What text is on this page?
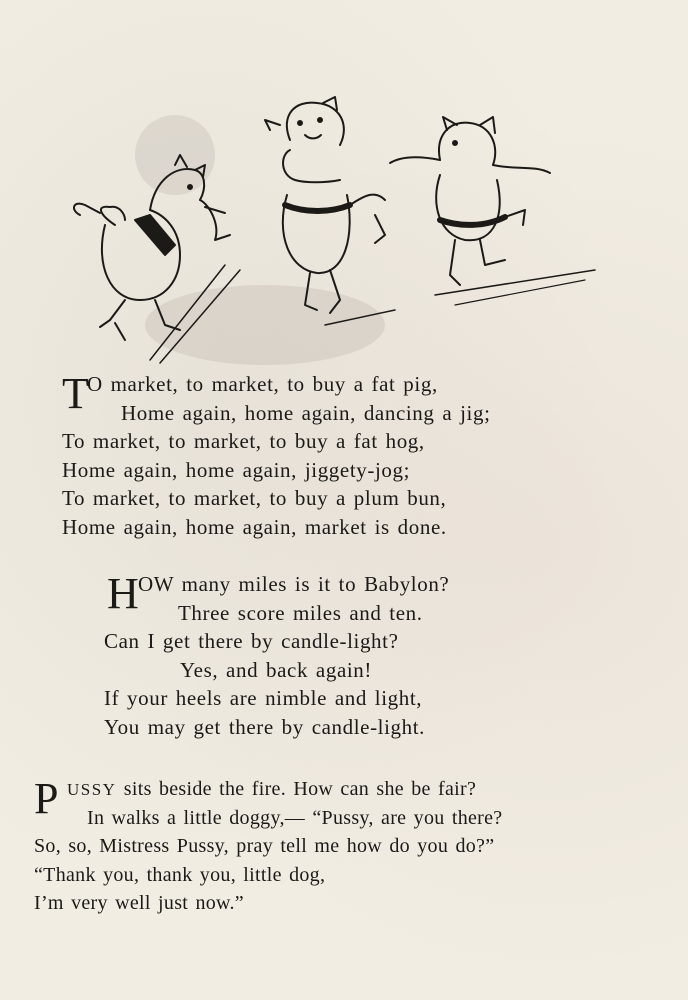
T
O market, to market, to buy a fat pig,
Home again, home again, dancing a jig;
To market, to market, to buy a fat hog,
Home again, home again, jiggety-jog;
To market, to market, to buy a plum bun,
Home again, home again, market is done.
H
OW many miles is it to Babylon?
Three score miles and ten.
Can I get there by candle-light?
Yes, and back again!
If your heels are nimble and light,
You may get there by candle-light.
P USSY sits beside the fire. How can she be fair?
In walks a little doggy,— “Pussy, are you there?
So, so, Mistress Pussy, pray tell me how do you do?”
“Thank you, thank you, little dog,
I’m very well just now.”
